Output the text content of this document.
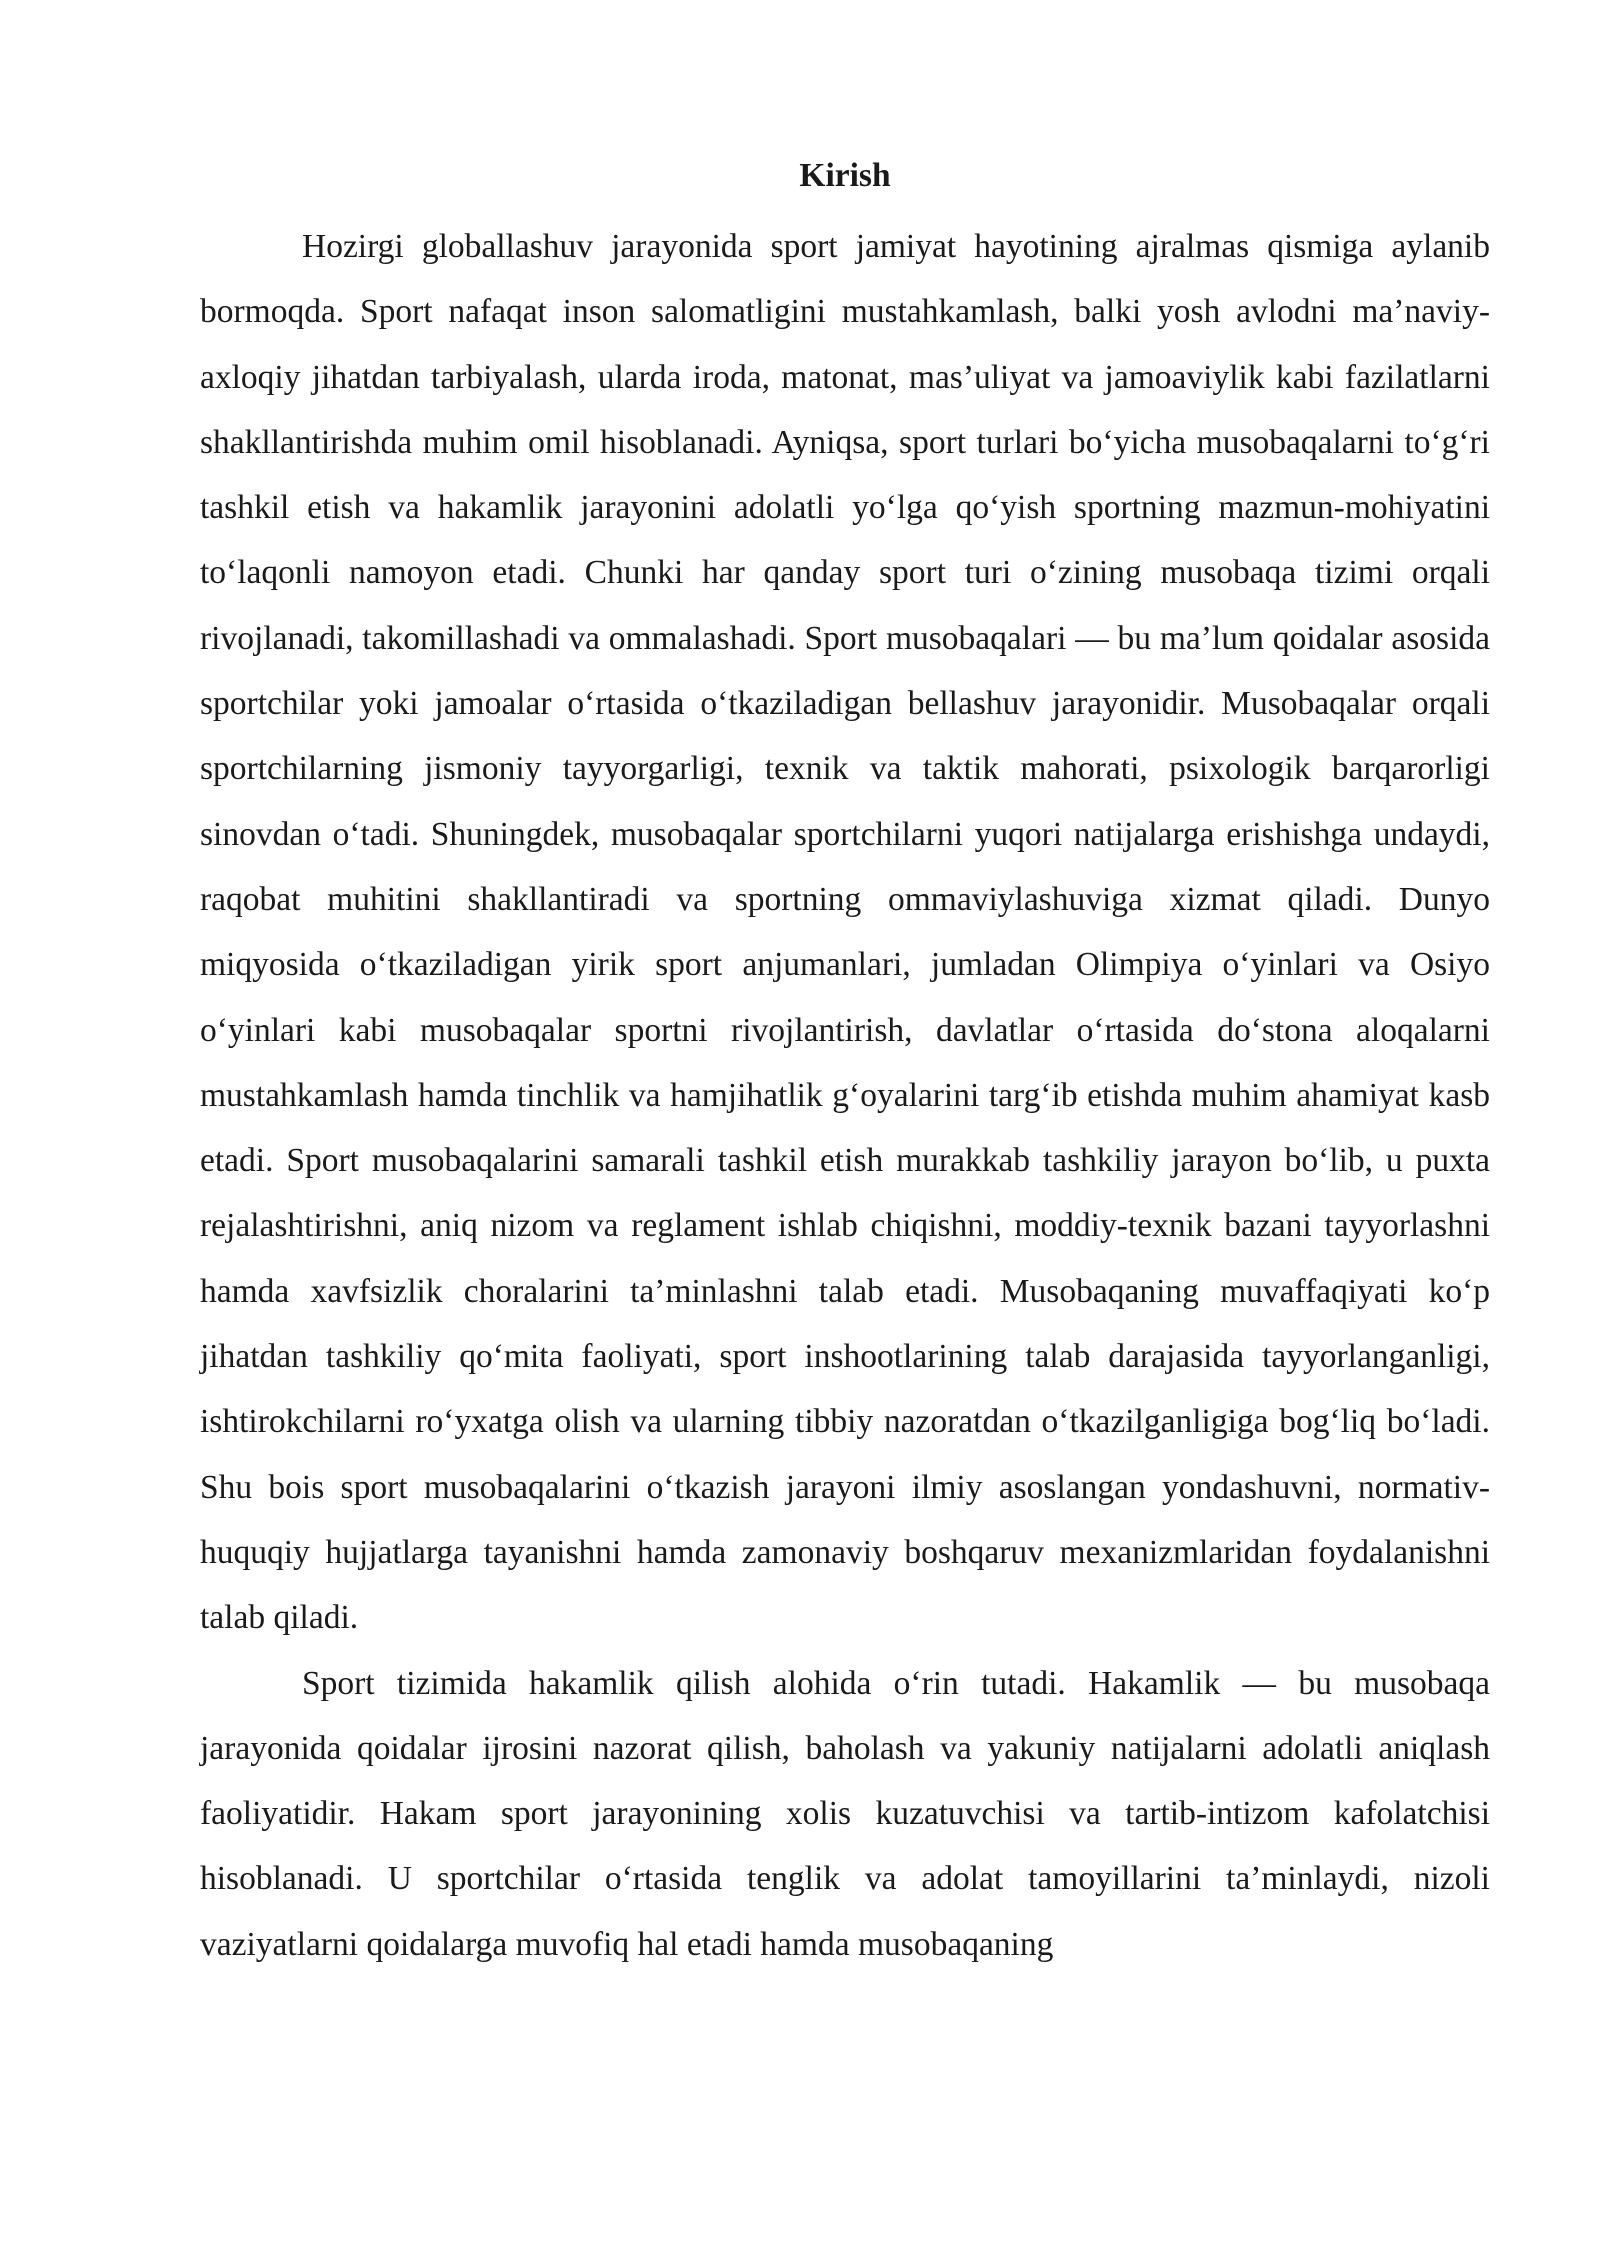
Kirish

Hozirgi globallashuv jarayonida sport jamiyat hayotining ajralmas qismiga aylanib bormoqda. Sport nafaqat inson salomatligini mustahkamlash, balki yosh avlodni ma’naviy-axloqiy jihatdan tarbiyalash, ularda iroda, matonat, mas’uliyat va jamoaviylik kabi fazilatlarni shakllantirishda muhim omil hisoblanadi. Ayniqsa, sport turlari bo‘yicha musobaqalarni to‘g‘ri tashkil etish va hakamlik jarayonini adolatli yo‘lga qo‘yish sportning mazmun-mohiyatini to‘laqonli namoyon etadi. Chunki har qanday sport turi o‘zining musobaqa tizimi orqali rivojlanadi, takomillashadi va ommalashadi. Sport musobaqalari — bu ma’lum qoidalar asosida sportchilar yoki jamoalar o‘rtasida o‘tkaziladigan bellashuv jarayonidir. Musobaqalar orqali sportchilarning jismoniy tayyorgarligi, texnik va taktik mahorati, psixologik barqarorligi sinovdan o‘tadi. Shuningdek, musobaqalar sportchilarni yuqori natijalarga erishishga undaydi, raqobat muhitini shakllantiradi va sportning ommaviylashuviga xizmat qiladi. Dunyo miqyosida o‘tkaziladigan yirik sport anjumanlari, jumladan Olimpiya o‘yinlari va Osiyo o‘yinlari kabi musobaqalar sportni rivojlantirish, davlatlar o‘rtasida do‘stona aloqalarni mustahkamlash hamda tinchlik va hamjihatlik g‘oyalarini targ‘ib etishda muhim ahamiyat kasb etadi. Sport musobaqalarini samarali tashkil etish murakkab tashkiliy jarayon bo‘lib, u puxta rejalashtirishni, aniq nizom va reglament ishlab chiqishni, moddiy-texnik bazani tayyorlashni hamda xavfsizlik choralarini ta’minlashni talab etadi. Musobaqaning muvaffaqiyati ko‘p jihatdan tashkiliy qo‘mita faoliyati, sport inshootlarining talab darajasida tayyorlanganligi, ishtirokchilarni ro‘yxatga olish va ularning tibbiy nazoratdan o‘tkazilganligiga bog‘liq bo‘ladi. Shu bois sport musobaqalarini o‘tkazish jarayoni ilmiy asoslangan yondashuvni, normativ-huquqiy hujjatlarga tayanishni hamda zamonaviy boshqaruv mexanizmlaridan foydalanishni talab qiladi.

Sport tizimida hakamlik qilish alohida o‘rin tutadi. Hakamlik — bu musobaqa jarayonida qoidalar ijrosini nazorat qilish, baholash va yakuniy natijalarni adolatli aniqlash faoliyatidir. Hakam sport jarayonining xolis kuzatuvchisi va tartib-intizom kafolatchisi hisoblanadi. U sportchilar o‘rtasida tenglik va adolat tamoyillarini ta’minlaydi, nizoli vaziyatlarni qoidalarga muvofiq hal etadi hamda musobaqaning
